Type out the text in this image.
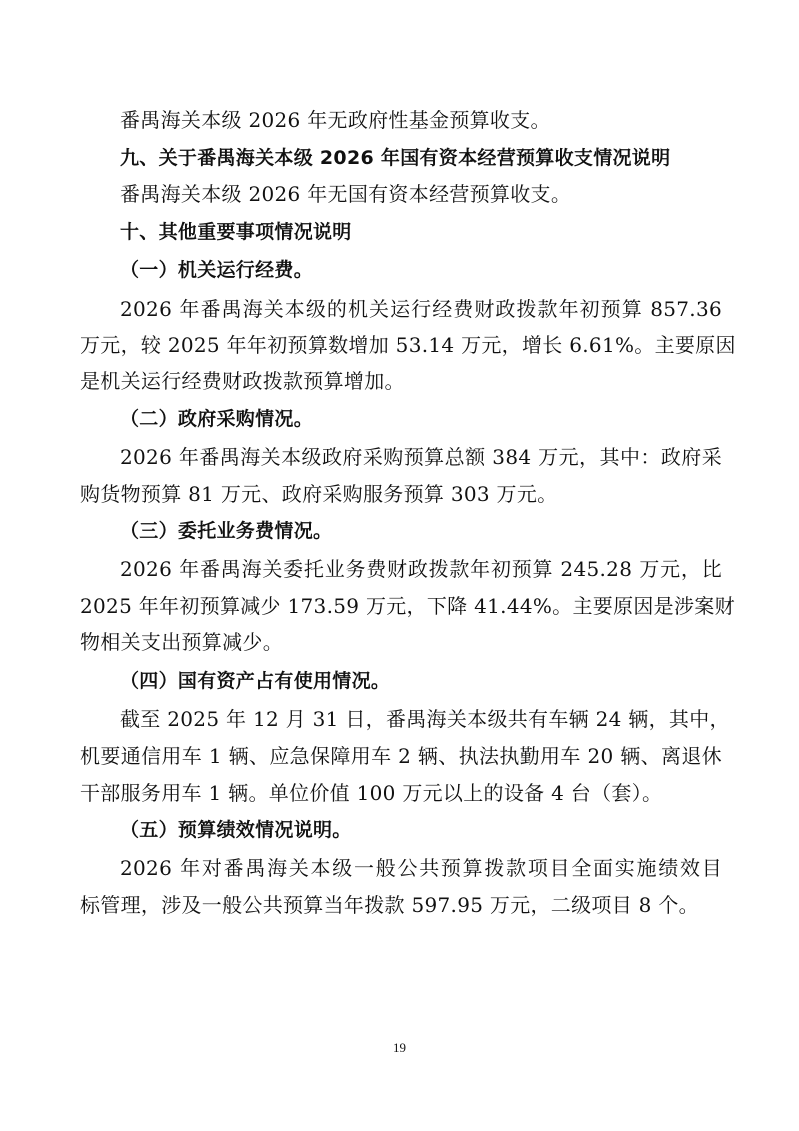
番禺海关本级 2026 年无政府性基金预算收支。
九、关于番禺海关本级 2026 年国有资本经营预算收支情况说明
番禺海关本级 2026 年无国有资本经营预算收支。
十、其他重要事项情况说明
（一）机关运行经费。
2026 年番禺海关本级的机关运行经费财政拨款年初预算 857.36
万元，较 2025 年年初预算数增加 53.14 万元，增长 6.61%。主要原因
是机关运行经费财政拨款预算增加。
（二）政府采购情况。
2026 年番禺海关本级政府采购预算总额 384 万元，其中：政府采
购货物预算 81 万元、政府采购服务预算 303 万元。
（三）委托业务费情况。
2026 年番禺海关委托业务费财政拨款年初预算 245.28 万元，比
2025 年年初预算减少 173.59 万元，下降 41.44%。主要原因是涉案财
物相关支出预算减少。
（四）国有资产占有使用情况。
截至 2025 年 12 月 31 日，番禺海关本级共有车辆 24 辆，其中，
机要通信用车 1 辆、应急保障用车 2 辆、执法执勤用车 20 辆、离退休
干部服务用车 1 辆。单位价值 100 万元以上的设备 4 台（套）。
（五）预算绩效情况说明。
2026 年对番禺海关本级一般公共预算拨款项目全面实施绩效目
标管理，涉及一般公共预算当年拨款 597.95 万元，二级项目 8 个。
19
